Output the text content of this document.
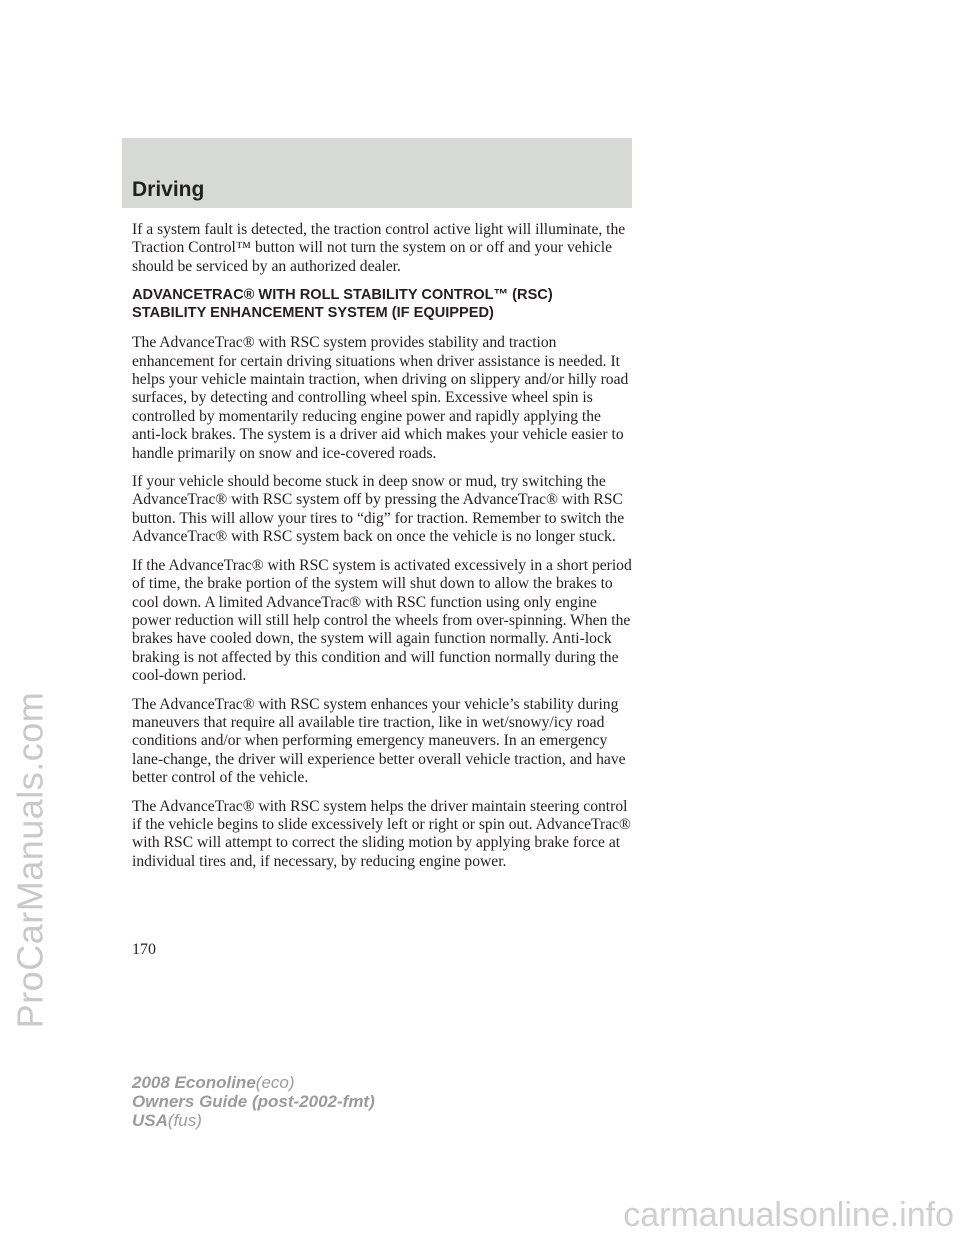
ProCarManuals.com
Driving

If a system fault is detected, the traction control active light will illuminate, the Traction Control™ button will not turn the system on or off and your vehicle should be serviced by an authorized dealer.

ADVANCETRAC® WITH ROLL STABILITY CONTROL™ (RSC)
STABILITY ENHANCEMENT SYSTEM (IF EQUIPPED)

The AdvanceTrac® with RSC system provides stability and traction enhancement for certain driving situations when driver assistance is needed. It helps your vehicle maintain traction, when driving on slippery and/or hilly road surfaces, by detecting and controlling wheel spin. Excessive wheel spin is controlled by momentarily reducing engine power and rapidly applying the anti-lock brakes. The system is a driver aid which makes your vehicle easier to handle primarily on snow and ice-covered roads.

If your vehicle should become stuck in deep snow or mud, try switching the AdvanceTrac® with RSC system off by pressing the AdvanceTrac® with RSC button. This will allow your tires to “dig” for traction. Remember to switch the AdvanceTrac® with RSC system back on once the vehicle is no longer stuck.

If the AdvanceTrac® with RSC system is activated excessively in a short period of time, the brake portion of the system will shut down to allow the brakes to cool down. A limited AdvanceTrac® with RSC function using only engine power reduction will still help control the wheels from over-spinning. When the brakes have cooled down, the system will again function normally. Anti-lock braking is not affected by this condition and will function normally during the cool-down period.

The AdvanceTrac® with RSC system enhances your vehicle’s stability during maneuvers that require all available tire traction, like in wet/snowy/icy road conditions and/or when performing emergency maneuvers. In an emergency lane-change, the driver will experience better overall vehicle traction, and have better control of the vehicle.

The AdvanceTrac® with RSC system helps the driver maintain steering control if the vehicle begins to slide excessively left or right or spin out. AdvanceTrac® with RSC will attempt to correct the sliding motion by applying brake force at individual tires and, if necessary, by reducing engine power.

170
2008 Econoline(eco)
Owners Guide (post-2002-fmt)
USA(fus)
carmanualsonline.info
